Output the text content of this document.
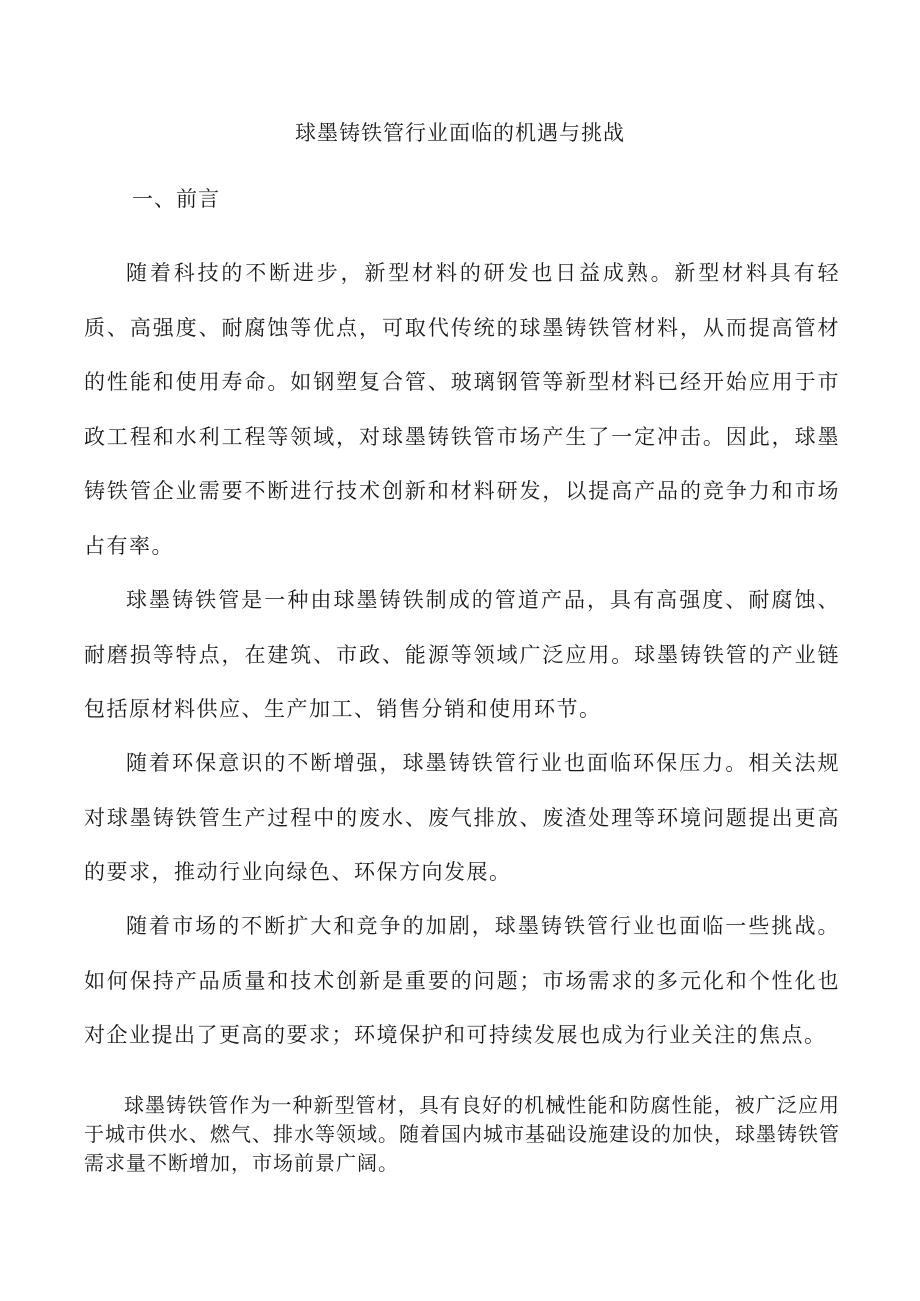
球墨铸铁管行业面临的机遇与挑战
一、前言

随着科技的不断进步，新型材料的研发也日益成熟。新型材料具有轻质、高强度、耐腐蚀等优点，可取代传统的球墨铸铁管材料，从而提高管材的性能和使用寿命。如钢塑复合管、玻璃钢管等新型材料已经开始应用于市政工程和水利工程等领域，对球墨铸铁管市场产生了一定冲击。因此，球墨铸铁管企业需要不断进行技术创新和材料研发，以提高产品的竞争力和市场占有率。

球墨铸铁管是一种由球墨铸铁制成的管道产品，具有高强度、耐腐蚀、耐磨损等特点，在建筑、市政、能源等领域广泛应用。球墨铸铁管的产业链包括原材料供应、生产加工、销售分销和使用环节。

随着环保意识的不断增强，球墨铸铁管行业也面临环保压力。相关法规对球墨铸铁管生产过程中的废水、废气排放、废渣处理等环境问题提出更高的要求，推动行业向绿色、环保方向发展。

随着市场的不断扩大和竞争的加剧，球墨铸铁管行业也面临一些挑战。如何保持产品质量和技术创新是重要的问题；市场需求的多元化和个性化也对企业提出了更高的要求；环境保护和可持续发展也成为行业关注的焦点。

球墨铸铁管作为一种新型管材，具有良好的机械性能和防腐性能，被广泛应用于城市供水、燃气、排水等领域。随着国内城市基础设施建设的加快，球墨铸铁管需求量不断增加，市场前景广阔。
